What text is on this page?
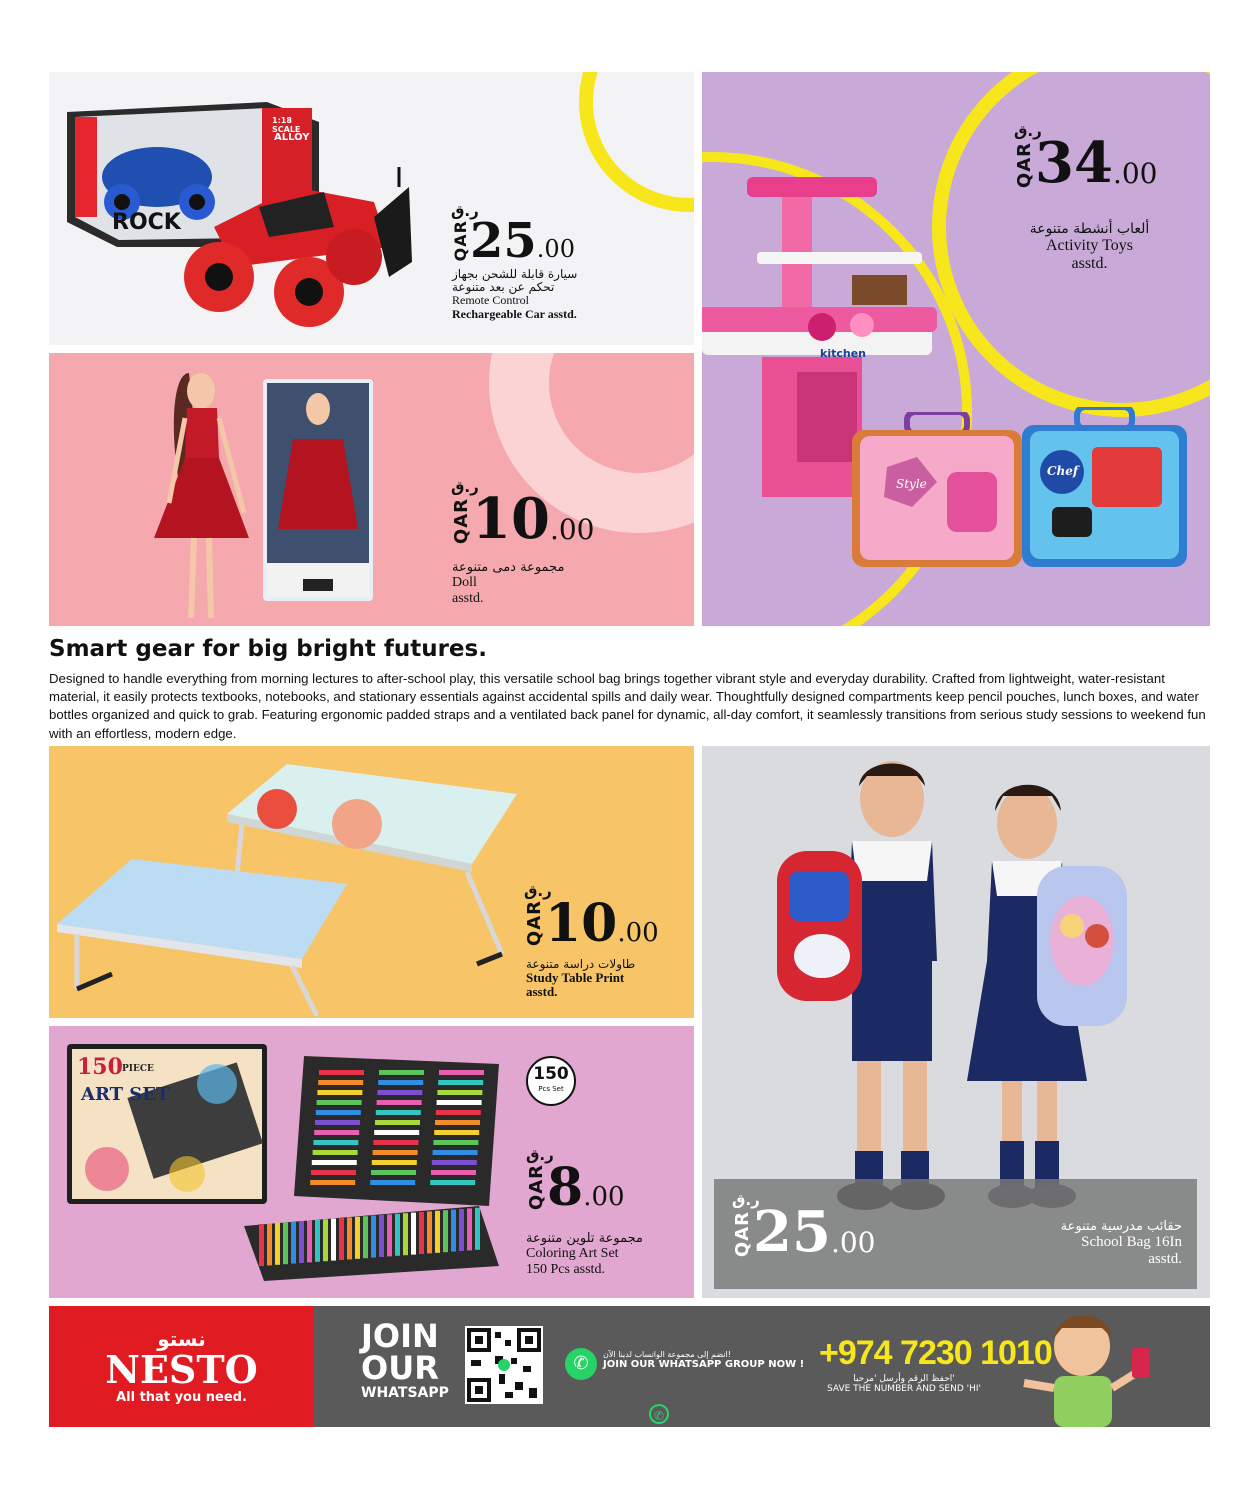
ROCK
1:18 SCALE
ALLOY
ر.ق
QAR 25 .00
سيارة قابلة للشحن بجهاز
تحكم عن بعد متنوعة
Remote Control
Rechargeable Car asstd.
ر.ق
QAR 34 .00
ألعاب أنشطة متنوعة
Activity Toys
asstd.
kitchen
Style
Chef
ر.ق
QAR 10 .00
مجموعة دمى متنوعة
Doll
asstd.
Smart gear for big bright futures.

Designed to handle everything from morning lectures to after-school play, this versatile school bag brings together vibrant style and everyday durability. Crafted from lightweight, water-resistant material, it easily protects textbooks, notebooks, and stationary essentials against accidental spills and daily wear. Thoughtfully designed compartments keep pencil pouches, lunch boxes, and water bottles organized and quick to grab. Featuring ergonomic padded straps and a ventilated back panel for dynamic, all-day comfort, it seamlessly transitions from serious study sessions to weekend fun with an effortless, modern edge.

ر.ق
QAR 10 .00
طاولات دراسة متنوعة
Study Table Print
asstd.
ر.ق
QAR 25 .00	حقائب مدرسية متنوعة
School Bag 16In
asstd.
150 PIECE
ART SET
150
Pcs Set
ر.ق
QAR 8 .00
مجموعة تلوين متنوعة
Coloring Art Set
150 Pcs asstd.
نستو
NESTO
All that you need.
JOIN
OUR
WHATSAPP
✆	انضم إلى مجموعة الواتساب لدينا الآن!
JOIN OUR WHATSAPP GROUP NOW ! +974 7230 1010
احفظ الرقم وأرسل 'مرحبا'
SAVE THE NUMBER AND SEND 'HI'
✆
